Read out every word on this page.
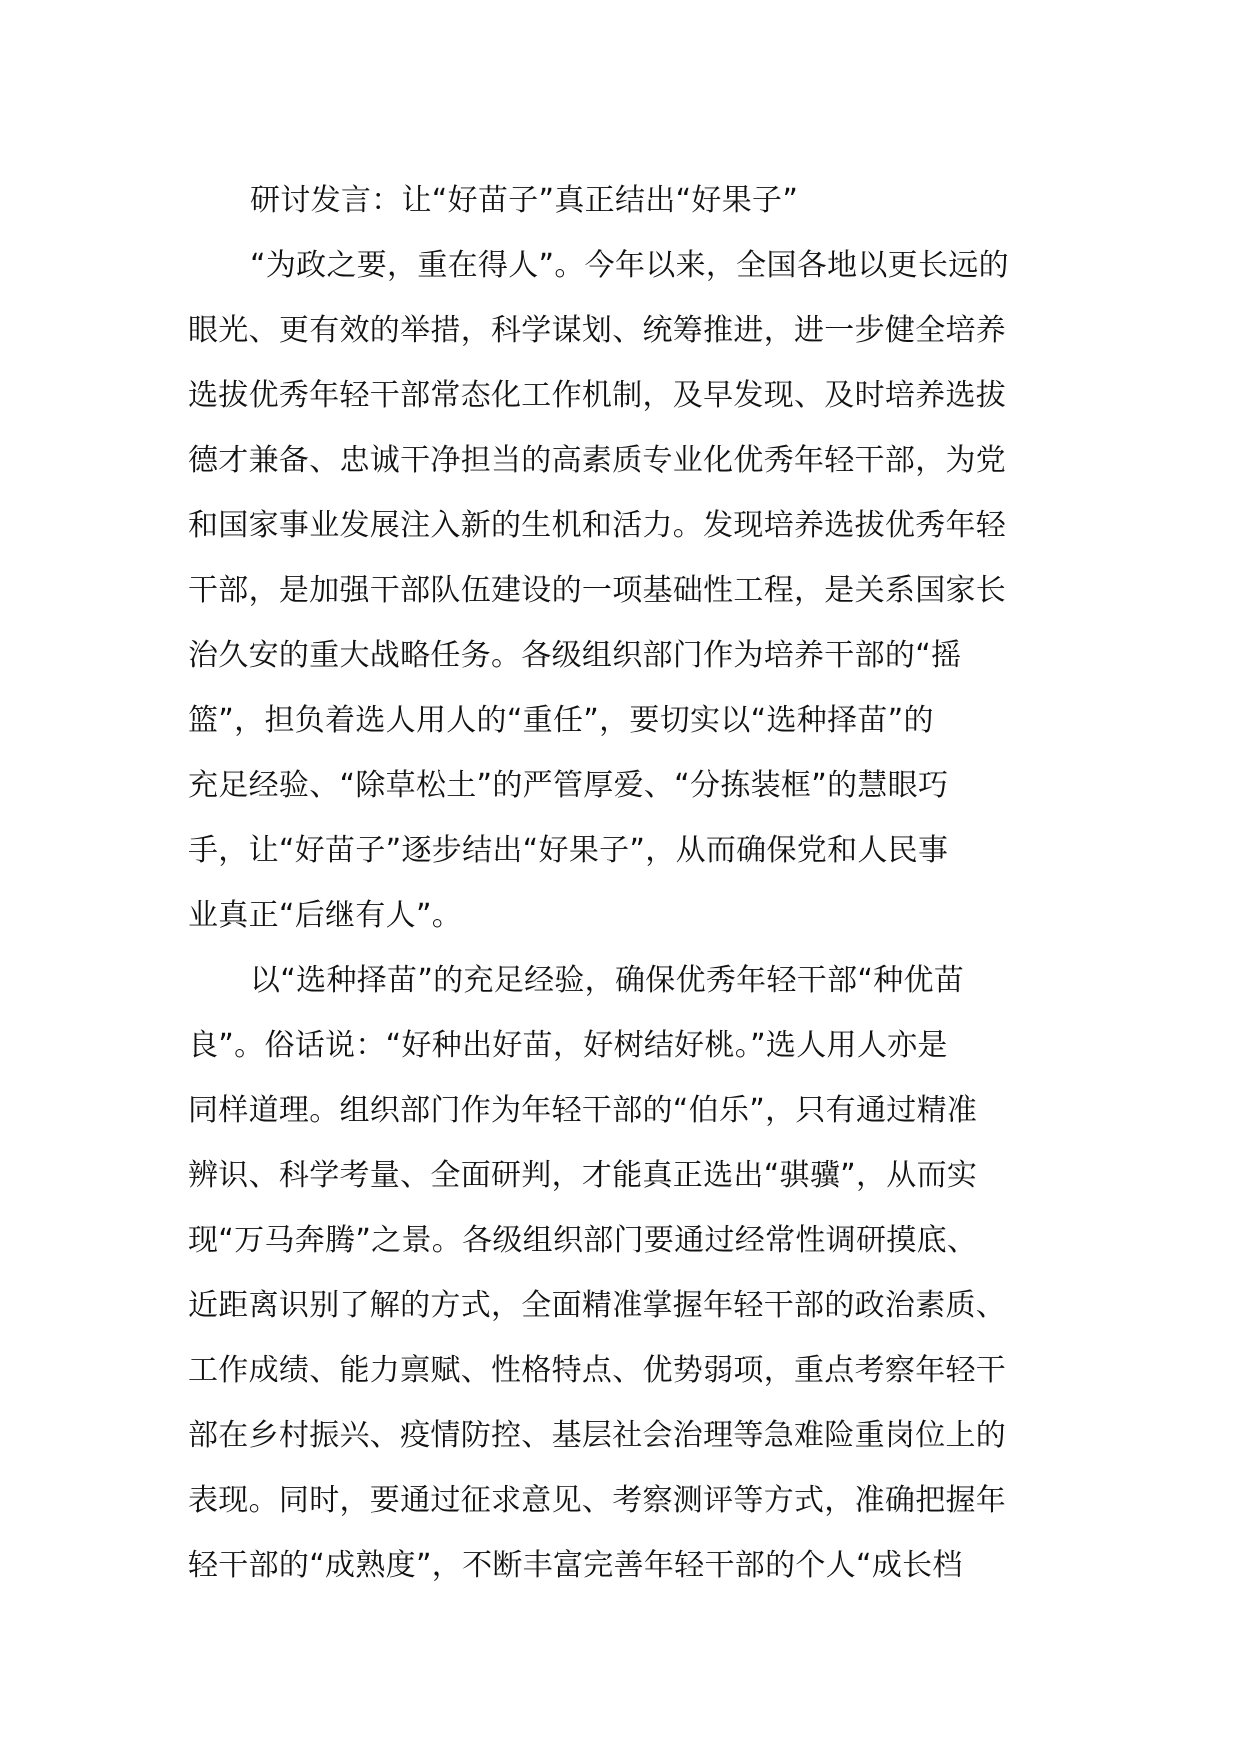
研讨发言：让“好苗子”真正结出“好果子”
“为政之要，重在得人”。今年以来，全国各地以更长远的
眼光、更有效的举措，科学谋划、统筹推进，进一步健全培养
选拔优秀年轻干部常态化工作机制，及早发现、及时培养选拔
德才兼备、忠诚干净担当的高素质专业化优秀年轻干部，为党
和国家事业发展注入新的生机和活力。发现培养选拔优秀年轻
干部，是加强干部队伍建设的一项基础性工程，是关系国家长
治久安的重大战略任务。各级组织部门作为培养干部的“摇
篮”，担负着选人用人的“重任”，要切实以“选种择苗”的
充足经验、“除草松土”的严管厚爱、“分拣装框”的慧眼巧
手，让“好苗子”逐步结出“好果子”，从而确保党和人民事
业真正“后继有人”。
以“选种择苗”的充足经验，确保优秀年轻干部“种优苗
良”。俗话说：“好种出好苗，好树结好桃。”选人用人亦是
同样道理。组织部门作为年轻干部的“伯乐”，只有通过精准
辨识、科学考量、全面研判，才能真正选出“骐骥”，从而实
现“万马奔腾”之景。各级组织部门要通过经常性调研摸底、
近距离识别了解的方式，全面精准掌握年轻干部的政治素质、
工作成绩、能力禀赋、性格特点、优势弱项，重点考察年轻干
部在乡村振兴、疫情防控、基层社会治理等急难险重岗位上的
表现。同时，要通过征求意见、考察测评等方式，准确把握年
轻干部的“成熟度”，不断丰富完善年轻干部的个人“成长档
